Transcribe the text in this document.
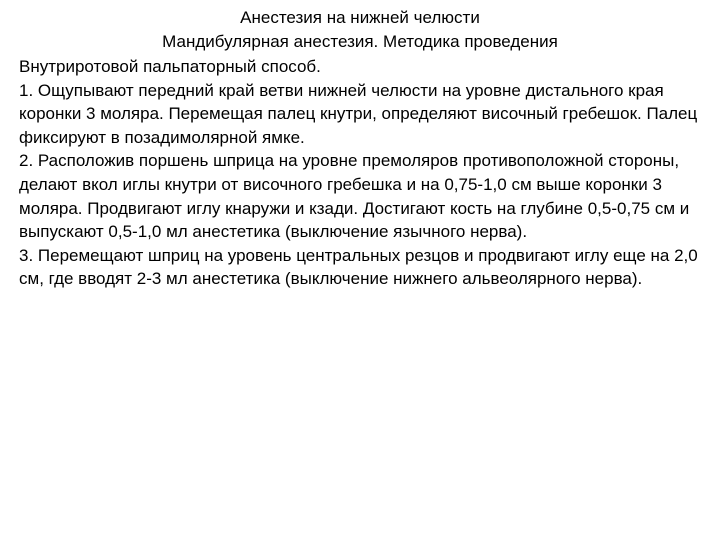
Анестезия на нижней челюсти
Мандибулярная анестезия. Методика проведения

Внутриротовой пальпаторный способ.

1. Ощупывают передний край ветви нижней челюсти на уровне дистального края коронки 3 моляра. Перемещая палец кнутри, определяют височный гребешок. Палец фиксируют в позадимолярной ямке.

2. Расположив поршень шприца на уровне премоляров противоположной стороны, делают вкол иглы кнутри от височного гребешка и на 0,75-1,0 см выше коронки 3 моляра. Продвигают иглу кнаружи и кзади. Достигают кость на глубине 0,5-0,75 см и выпускают 0,5-1,0 мл анестетика (выключение язычного нерва).

3. Перемещают шприц на уровень центральных резцов и продвигают иглу еще на 2,0 см, где вводят 2-3 мл анестетика (выключение нижнего альвеолярного нерва).
